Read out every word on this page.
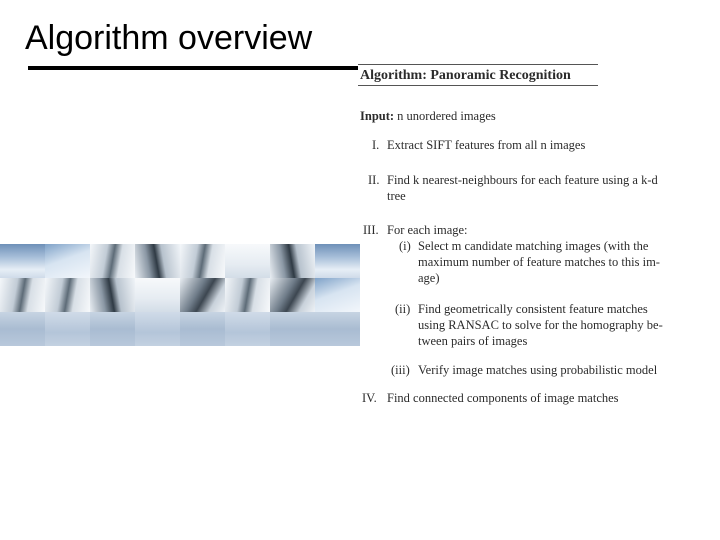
Algorithm overview
Algorithm: Panoramic Recognition
Input: n unordered images
I. Extract SIFT features from all n images
II. Find k nearest-neighbours for each feature using a k-d
tree
III. For each image:
(i) Select m candidate matching images (with the
maximum number of feature matches to this im-
age)
(ii) Find geometrically consistent feature matches
using RANSAC to solve for the homography be-
tween pairs of images
(iii) Verify image matches using probabilistic model
IV. Find connected components of image matches
